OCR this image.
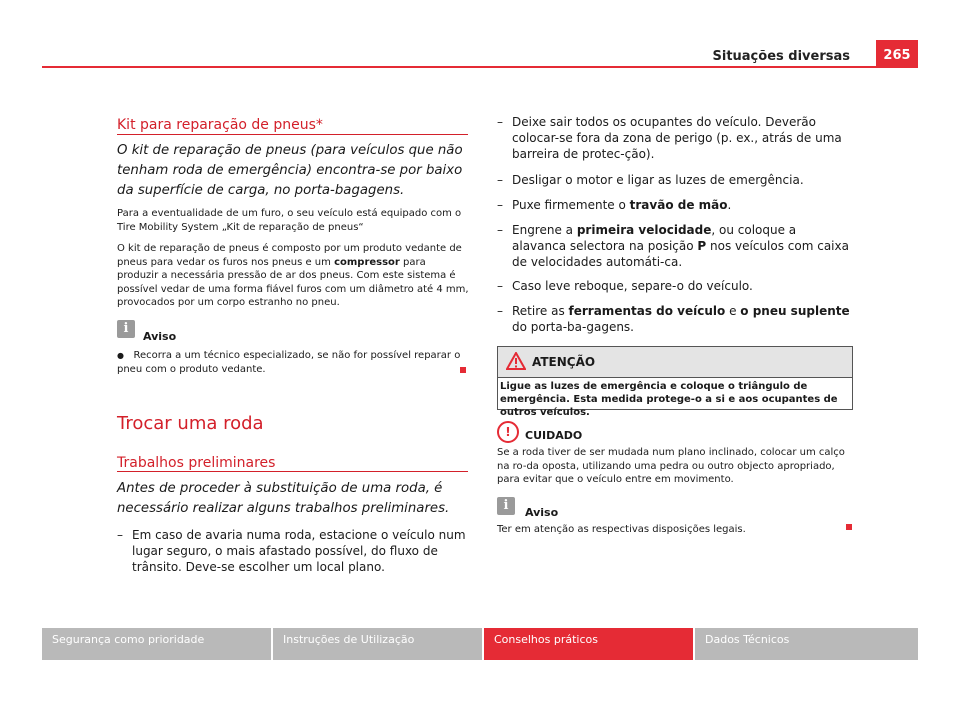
Situações diversas	265
Kit para reparação de pneus*
O kit de reparação de pneus (para veículos que não tenham roda de emergência) encontra-se por baixo da superfície de carga, no porta-bagagens.
Para a eventualidade de um furo, o seu veículo está equipado com o Tire Mobility System „Kit de reparação de pneus“
O kit de reparação de pneus é composto por um produto vedante de pneus para vedar os furos nos pneus e um compressor para produzir a necessária pressão de ar dos pneus. Com este sistema é possível vedar de uma forma fiável furos com um diâmetro até 4 mm, provocados por um corpo estranho no pneu.
i
Aviso
● Recorra a um técnico especializado, se não for possível reparar o pneu com o produto vedante.
Trocar uma roda
Trabalhos preliminares
Antes de proceder à substituição de uma roda, é necessário realizar alguns trabalhos preliminares.
– Em caso de avaria numa roda, estacione o veículo num lugar seguro, o mais afastado possível, do fluxo de trânsito. Deve-se escolher um local plano.
– Deixe sair todos os ocupantes do veículo. Deverão colocar-se fora da zona de perigo (p. ex., atrás de uma barreira de protec-ção).
– Desligar o motor e ligar as luzes de emergência.
– Puxe firmemente o travão de mão.
– Engrene a primeira velocidade, ou coloque a alavanca selectora na posição P nos veículos com caixa de velocidades automáti-ca.
– Caso leve reboque, separe-o do veículo.
– Retire as ferramentas do veículo e o pneu suplente do porta-ba-gagens.
ATENÇÃO
Ligue as luzes de emergência e coloque o triângulo de emergência. Esta medida protege-o a si e aos ocupantes de outros veículos.
!	CUIDADO
Se a roda tiver de ser mudada num plano inclinado, colocar um calço na ro-da oposta, utilizando uma pedra ou outro objecto apropriado, para evitar que o veículo entre em movimento.
i	Aviso
Ter em atenção as respectivas disposições legais.
Segurança como prioridade	Instruções de Utilização	Conselhos práticos	Dados Técnicos
